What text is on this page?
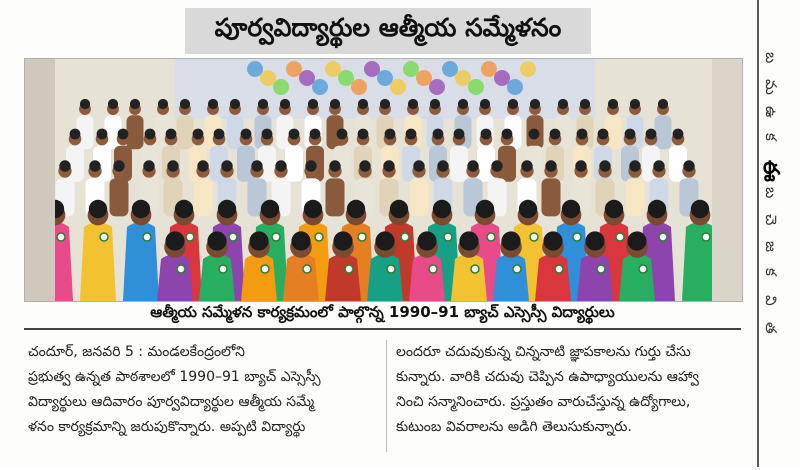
పూర్వవిద్యార్థుల ఆత్మీయ సమ్మేళనం
ఆత్మీయ సమ్మేళన కార్యక్రమంలో పాల్గొన్న 1990–91 బ్యాచ్ ఎస్సెస్సీ విద్యార్థులు
చందూర్, జనవరి 5 : మండలకేంద్రంలోని
ప్రభుత్వ ఉన్నత పాఠశాలలో 1990–91 బ్యాచ్ ఎస్సెస్సీ
విద్యార్థులు ఆదివారం పూర్వవిద్యార్థుల ఆత్మీయ సమ్మే
ళనం కార్యక్రమాన్ని జరుపుకొన్నారు. అప్పటి విద్యార్థు
లందరూ చదువుకున్న చిన్ననాటి జ్ఞాపకాలను గుర్తు చేసు
కున్నారు. వారికి చదువు చెప్పిన ఉపాధ్యాయులను ఆహ్వా
నించి సన్మానించారు. ప్రస్తుతం వారుచేస్తున్న ఉద్యోగాలు,
కుటుంబ వివరాలను అడిగి తెలుసుకున్నారు.
బ
మ
ఉ
క
ఈ
బ
చె
జ
క
వి
త
